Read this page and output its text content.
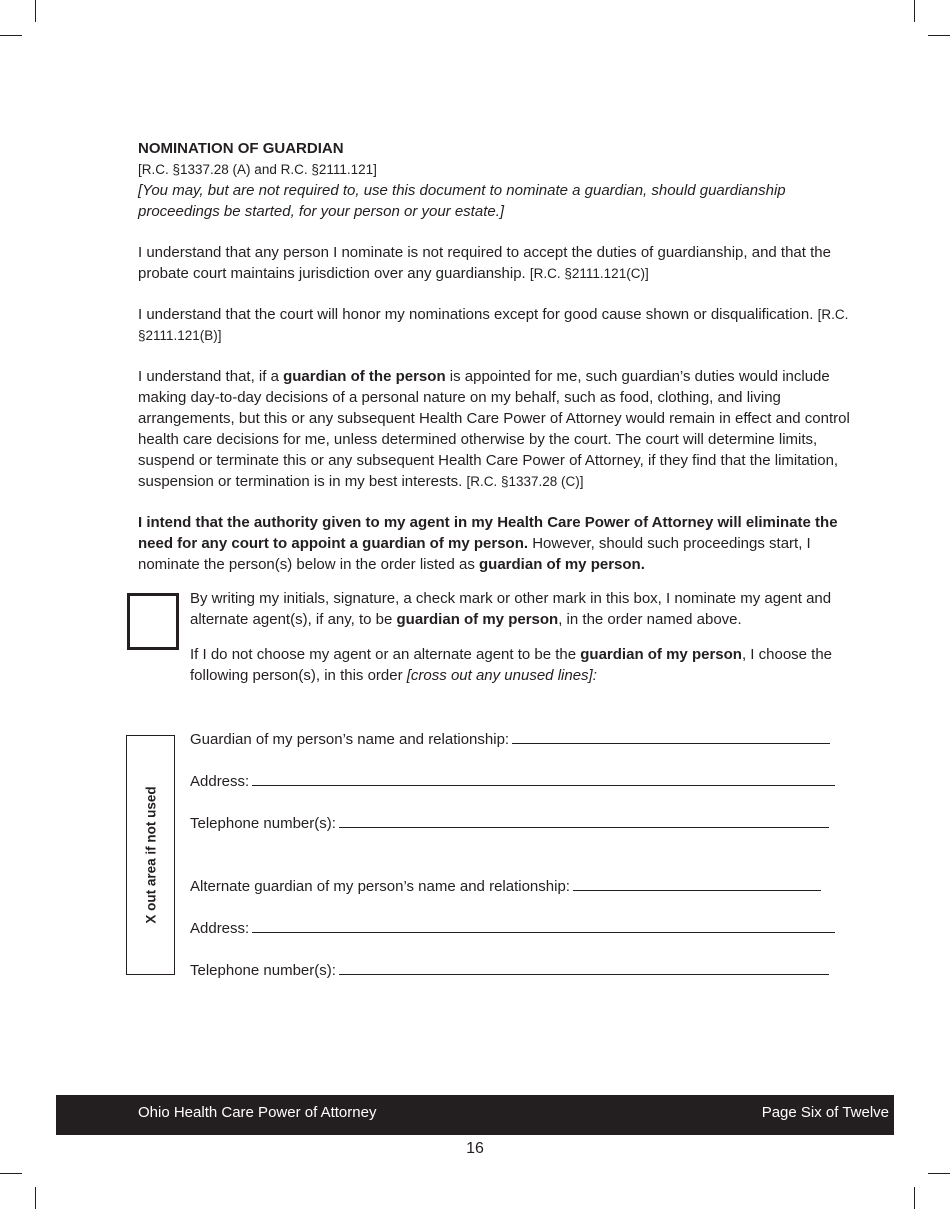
NOMINATION OF GUARDIAN
[R.C. §1337.28 (A) and R.C. §2111.121]
[You may, but are not required to, use this document to nominate a guardian, should guardianship proceedings be started, for your person or your estate.]

I understand that any person I nominate is not required to accept the duties of guardianship, and that the probate court maintains jurisdiction over any guardianship. [R.C. §2111.121(C)]

I understand that the court will honor my nominations except for good cause shown or disqualification. [R.C. §2111.121(B)]

I understand that, if a guardian of the person is appointed for me, such guardian’s duties would include making day-to-day decisions of a personal nature on my behalf, such as food, clothing, and living arrangements, but this or any subsequent Health Care Power of Attorney would remain in effect and control health care decisions for me, unless determined otherwise by the court. The court will determine limits, suspend or terminate this or any subsequent Health Care Power of Attorney, if they find that the limitation, suspension or termination is in my best interests. [R.C. §1337.28 (C)]

I intend that the authority given to my agent in my Health Care Power of Attorney will eliminate the need for any court to appoint a guardian of my person. However, should such proceedings start, I nominate the person(s) below in the order listed as guardian of my person.

By writing my initials, signature, a check mark or other mark in this box, I nominate my agent and alternate agent(s), if any, to be guardian of my person, in the order named above.

If I do not choose my agent or an alternate agent to be the guardian of my person, I choose the following person(s), in this order [cross out any unused lines]:

X out area if not used
Guardian of my person’s name and relationship:
Address:
Telephone number(s):
Alternate guardian of my person’s name and relationship:
Address:
Telephone number(s):
Ohio Health Care Power of Attorney	Page Six of Twelve
16
